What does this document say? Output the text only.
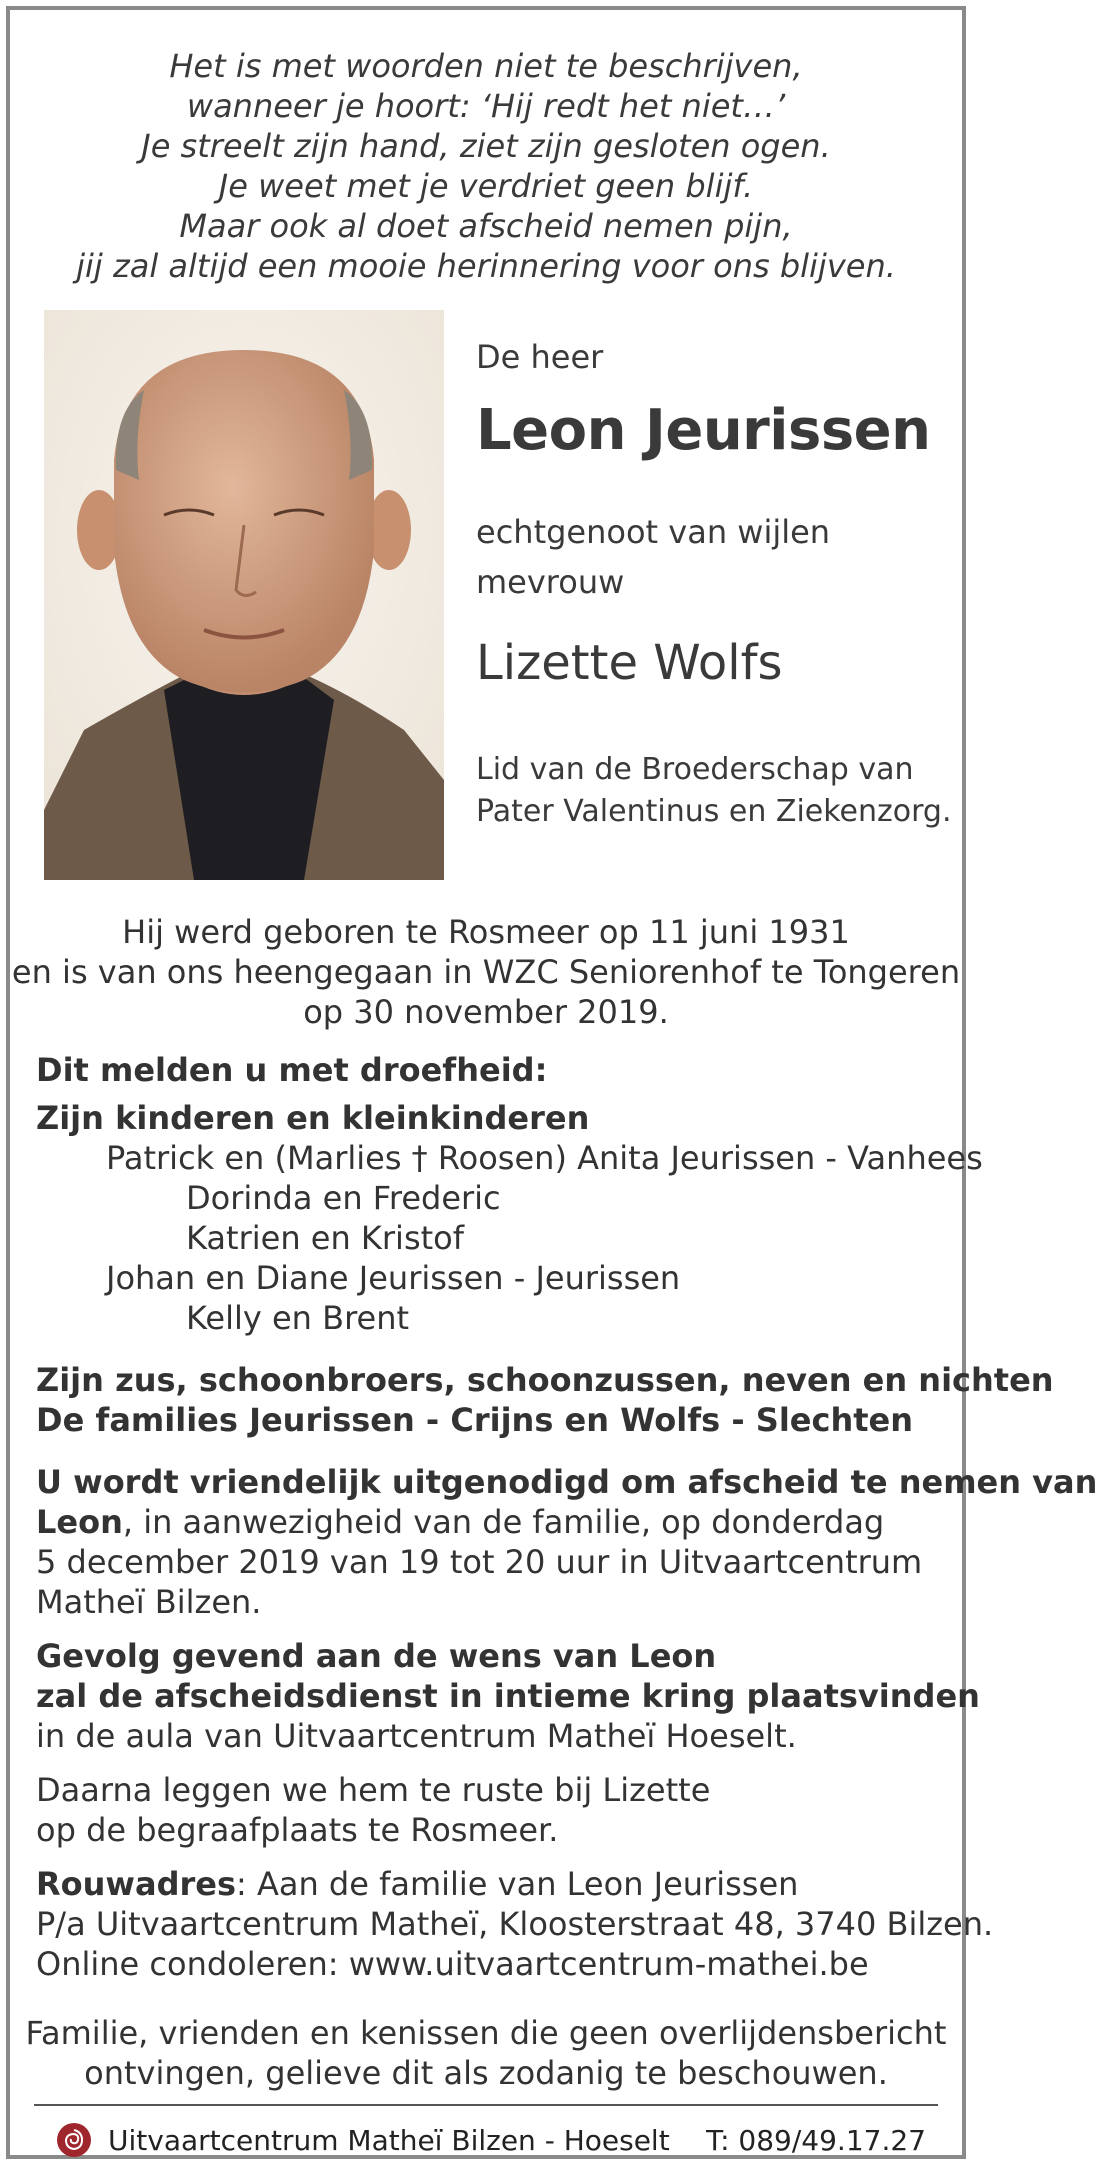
Het is met woorden niet te beschrijven,
wanneer je hoort: ‘Hij redt het niet…’
Je streelt zijn hand, ziet zijn gesloten ogen.
Je weet met je verdriet geen blijf.
Maar ook al doet afscheid nemen pijn,
jij zal altijd een mooie herinnering voor ons blijven.
De heer
Leon Jeurissen
echtgenoot van wijlen
mevrouw
Lizette Wolfs
Lid van de Broederschap van
Pater Valentinus en Ziekenzorg.
Hij werd geboren te Rosmeer op 11 juni 1931
en is van ons heengegaan in WZC Seniorenhof te Tongeren
op 30 november 2019.
Dit melden u met droefheid:
Zijn kinderen en kleinkinderen
Patrick en (Marlies † Roosen) Anita Jeurissen - Vanhees
Dorinda en Frederic
Katrien en Kristof
Johan en Diane Jeurissen - Jeurissen
Kelly en Brent
Zijn zus, schoonbroers, schoonzussen, neven en nichten
De families Jeurissen - Crijns en Wolfs - Slechten
U wordt vriendelijk uitgenodigd om afscheid te nemen van
Leon, in aanwezigheid van de familie, op donderdag
5 december 2019 van 19 tot 20 uur in Uitvaartcentrum
Matheï Bilzen.
Gevolg gevend aan de wens van Leon
zal de afscheidsdienst in intieme kring plaatsvinden
in de aula van Uitvaartcentrum Matheï Hoeselt.
Daarna leggen we hem te ruste bij Lizette
op de begraafplaats te Rosmeer.
Rouwadres: Aan de familie van Leon Jeurissen
P/a Uitvaartcentrum Matheï, Kloosterstraat 48, 3740 Bilzen.
Online condoleren: www.uitvaartcentrum-mathei.be
Familie, vrienden en kenissen die geen overlijdensbericht
ontvingen, gelieve dit als zodanig te beschouwen.
Uitvaartcentrum Matheï Bilzen - Hoeselt T: 089/49.17.27
